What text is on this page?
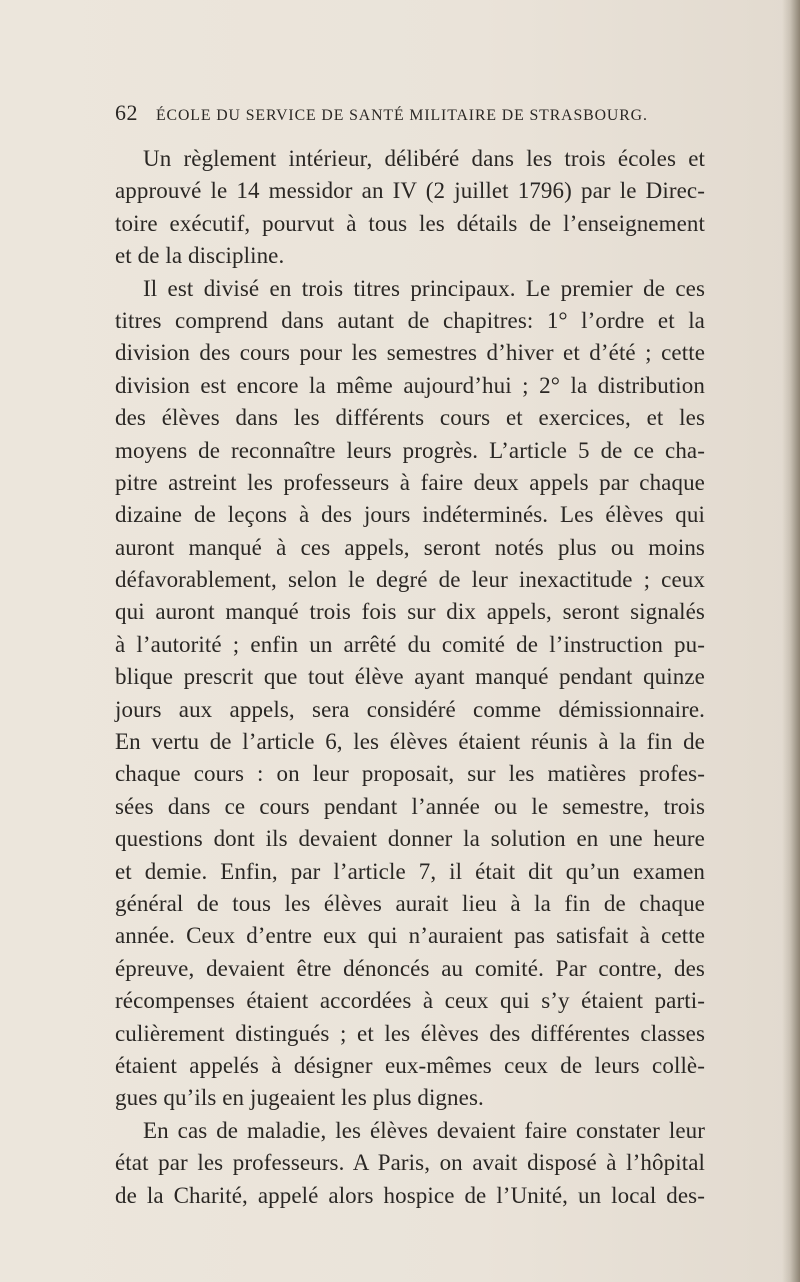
62 ÉCOLE DU SERVICE DE SANTÉ MILITAIRE DE STRASBOURG.
Un règlement intérieur, délibéré dans les trois écoles et
approuvé le 14 messidor an IV (2 juillet 1796) par le Direc-
toire exécutif, pourvut à tous les détails de l’enseignement
et de la discipline.
Il est divisé en trois titres principaux. Le premier de ces
titres comprend dans autant de chapitres: 1° l’ordre et la
division des cours pour les semestres d’hiver et d’été ; cette
division est encore la même aujourd’hui ; 2° la distribution
des élèves dans les différents cours et exercices, et les
moyens de reconnaître leurs progrès. L’article 5 de ce cha-
pitre astreint les professeurs à faire deux appels par chaque
dizaine de leçons à des jours indéterminés. Les élèves qui
auront manqué à ces appels, seront notés plus ou moins
défavorablement, selon le degré de leur inexactitude ; ceux
qui auront manqué trois fois sur dix appels, seront signalés
à l’autorité ; enfin un arrêté du comité de l’instruction pu-
blique prescrit que tout élève ayant manqué pendant quinze
jours aux appels, sera considéré comme démissionnaire.
En vertu de l’article 6, les élèves étaient réunis à la fin de
chaque cours : on leur proposait, sur les matières profes-
sées dans ce cours pendant l’année ou le semestre, trois
questions dont ils devaient donner la solution en une heure
et demie. Enfin, par l’article 7, il était dit qu’un examen
général de tous les élèves aurait lieu à la fin de chaque
année. Ceux d’entre eux qui n’auraient pas satisfait à cette
épreuve, devaient être dénoncés au comité. Par contre, des
récompenses étaient accordées à ceux qui s’y étaient parti-
culièrement distingués ; et les élèves des différentes classes
étaient appelés à désigner eux-mêmes ceux de leurs collè-
gues qu’ils en jugeaient les plus dignes.
En cas de maladie, les élèves devaient faire constater leur
état par les professeurs. A Paris, on avait disposé à l’hôpital
de la Charité, appelé alors hospice de l’Unité, un local des-
